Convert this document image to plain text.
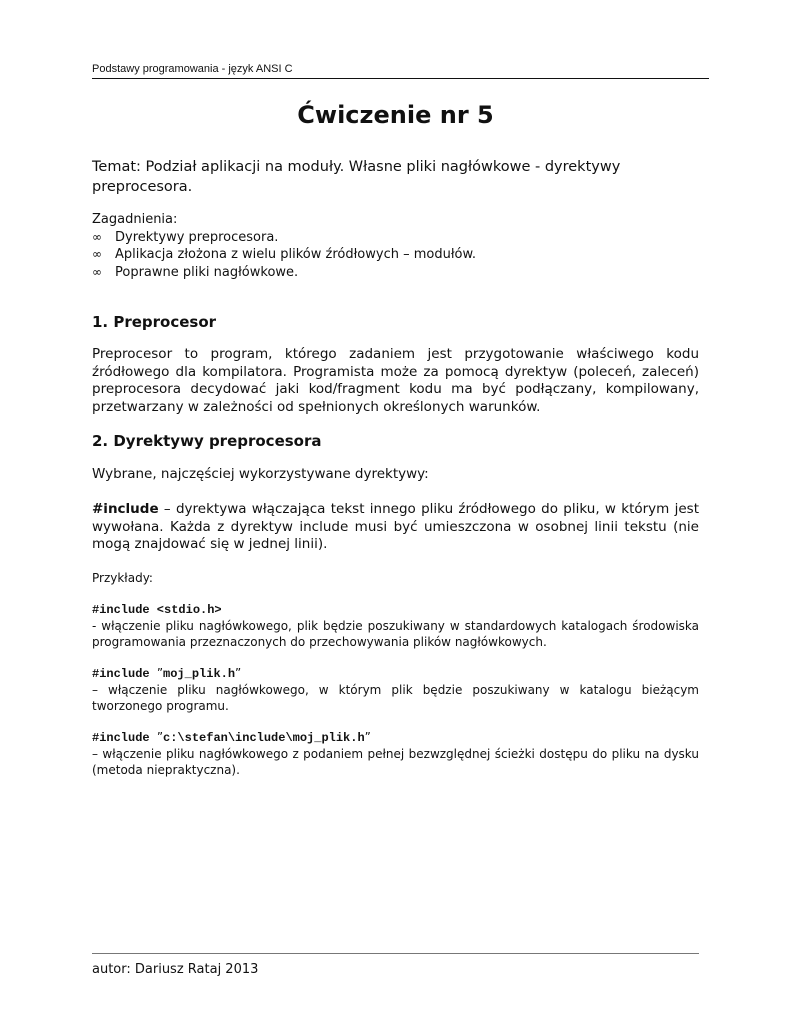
Podstawy programowania - język ANSI C
Ćwiczenie nr 5

Temat: Podział aplikacji na moduły. Własne pliki nagłówkowe - dyrektywy preprocesora.

Zagadnienia:
∞ Dyrektywy preprocesora.
∞ Aplikacja złożona z wielu plików źródłowych – modułów.
∞ Poprawne pliki nagłówkowe.
1. Preprocesor

Preprocesor to program, którego zadaniem jest przygotowanie właściwego kodu źródłowego dla kompilatora. Programista może za pomocą dyrektyw (poleceń, zaleceń) preprocesora decydować jaki kod/fragment kodu ma być podłączany, kompilowany, przetwarzany w zależności od spełnionych określonych warunków.

2. Dyrektywy preprocesora

Wybrane, najczęściej wykorzystywane dyrektywy:

#include – dyrektywa włączająca tekst innego pliku źródłowego do pliku, w którym jest wywołana. Każda z dyrektyw include musi być umieszczona w osobnej linii tekstu (nie mogą znajdować się w jednej linii).

Przykłady:

#include <stdio.h>
- włączenie pliku nagłówkowego, plik będzie poszukiwany w standardowych katalogach środowiska programowania przeznaczonych do przechowywania plików nagłówkowych.
#include ”moj_plik.h”
– włączenie pliku nagłówkowego, w którym plik będzie poszukiwany w katalogu bieżącym tworzonego programu.
#include ”c:\stefan\include\moj_plik.h”
– włączenie pliku nagłówkowego z podaniem pełnej bezwzględnej ścieżki dostępu do pliku na dysku (metoda niepraktyczna).
autor: Dariusz Rataj 2013
